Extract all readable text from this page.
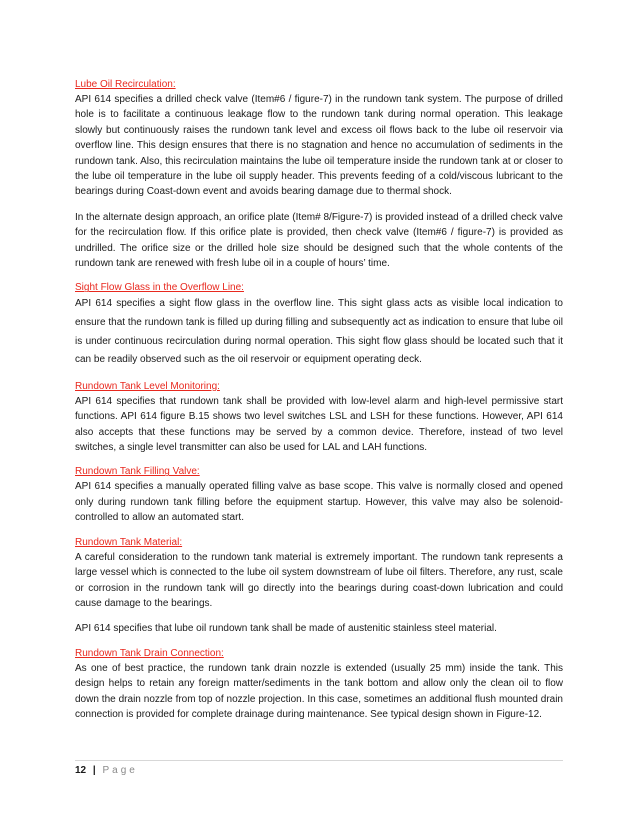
Lube Oil Recirculation:

API 614 specifies a drilled check valve (Item#6 / figure-7) in the rundown tank system. The purpose of drilled hole is to facilitate a continuous leakage flow to the rundown tank during normal operation. This leakage slowly but continuously raises the rundown tank level and excess oil flows back to the lube oil reservoir via overflow line. This design ensures that there is no stagnation and hence no accumulation of sediments in the rundown tank. Also, this recirculation maintains the lube oil temperature inside the rundown tank at or closer to the lube oil temperature in the lube oil supply header. This prevents feeding of a cold/viscous lubricant to the bearings during Coast-down event and avoids bearing damage due to thermal shock.

In the alternate design approach, an orifice plate (Item# 8/Figure-7) is provided instead of a drilled check valve for the recirculation flow. If this orifice plate is provided, then check valve (Item#6 / figure-7) is provided as undrilled. The orifice size or the drilled hole size should be designed such that the whole contents of the rundown tank are renewed with fresh lube oil in a couple of hours’ time.

Sight Flow Glass in the Overflow Line:

API 614 specifies a sight flow glass in the overflow line. This sight glass acts as visible local indication to ensure that the rundown tank is filled up during filling and subsequently act as indication to ensure that lube oil is under continuous recirculation during normal operation. This sight flow glass should be located such that it can be readily observed such as the oil reservoir or equipment operating deck.

Rundown Tank Level Monitoring:

API 614 specifies that rundown tank shall be provided with low-level alarm and high-level permissive start functions. API 614 figure B.15 shows two level switches LSL and LSH for these functions. However, API 614 also accepts that these functions may be served by a common device. Therefore, instead of two level switches, a single level transmitter can also be used for LAL and LAH functions.

Rundown Tank Filling Valve:

API 614 specifies a manually operated filling valve as base scope. This valve is normally closed and opened only during rundown tank filling before the equipment startup. However, this valve may also be solenoid-controlled to allow an automated start.

Rundown Tank Material:

A careful consideration to the rundown tank material is extremely important. The rundown tank represents a large vessel which is connected to the lube oil system downstream of lube oil filters. Therefore, any rust, scale or corrosion in the rundown tank will go directly into the bearings during coast-down lubrication and could cause damage to the bearings.

API 614 specifies that lube oil rundown tank shall be made of austenitic stainless steel material.

Rundown Tank Drain Connection:

As one of best practice, the rundown tank drain nozzle is extended (usually 25 mm) inside the tank. This design helps to retain any foreign matter/sediments in the tank bottom and allow only the clean oil to flow down the drain nozzle from top of nozzle projection. In this case, sometimes an additional flush mounted drain connection is provided for complete drainage during maintenance. See typical design shown in Figure-12.

12 | Page
